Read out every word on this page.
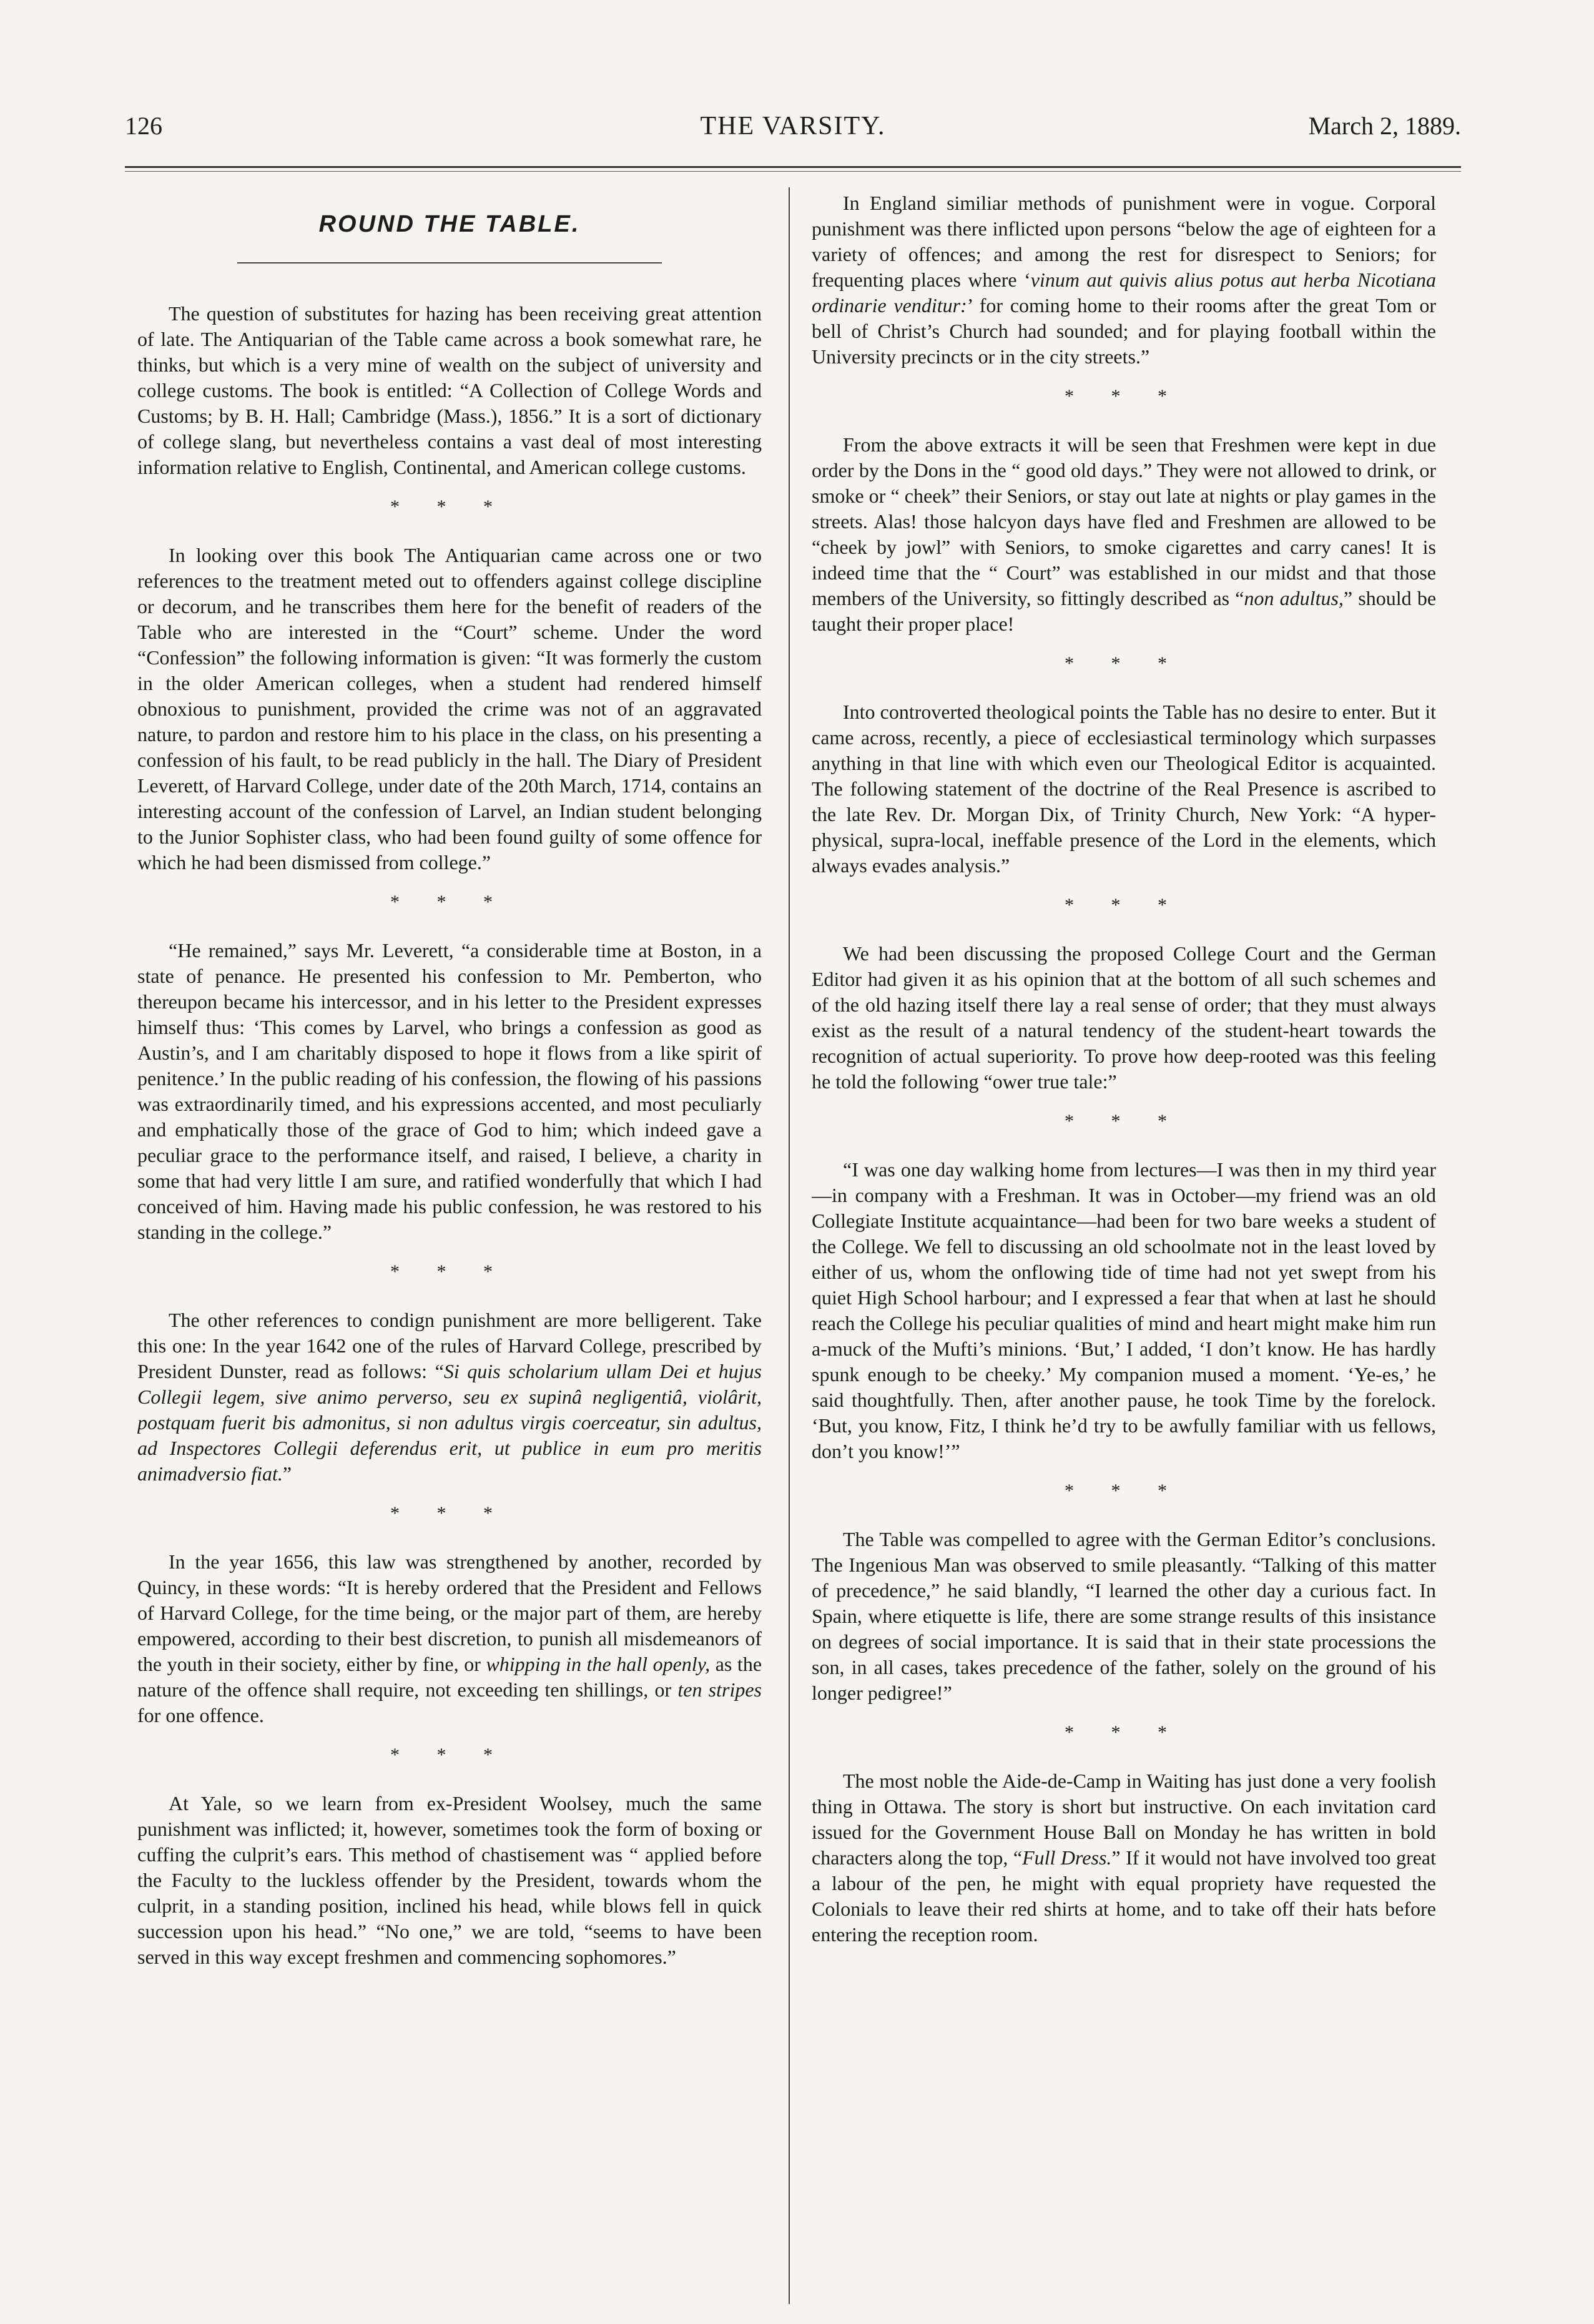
126	THE VARSITY.	March 2, 1889.
ROUND THE TABLE.

The question of substitutes for hazing has been receiving great attention of late. The Antiquarian of the Table came across a book somewhat rare, he thinks, but which is a very mine of wealth on the subject of university and college customs. The book is entitled: “A Collection of College Words and Customs; by B. H. Hall; Cambridge (Mass.), 1856.” It is a sort of dictionary of college slang, but nevertheless contains a vast deal of most interesting information relative to English, Continental, and American college customs.

* * *

In looking over this book The Antiquarian came across one or two references to the treatment meted out to offenders against college discipline or decorum, and he transcribes them here for the benefit of readers of the Table who are interested in the “Court” scheme. Under the word “Confession” the following information is given: “It was formerly the custom in the older American colleges, when a student had rendered himself obnoxious to punishment, provided the crime was not of an aggravated nature, to pardon and restore him to his place in the class, on his presenting a confession of his fault, to be read publicly in the hall. The Diary of President Leverett, of Harvard College, under date of the 20th March, 1714, contains an interesting account of the confession of Larvel, an Indian student belonging to the Junior Sophister class, who had been found guilty of some offence for which he had been dismissed from college.”

* * *

“He remained,” says Mr. Leverett, “a considerable time at Boston, in a state of penance. He presented his confession to Mr. Pemberton, who thereupon became his intercessor, and in his letter to the President expresses himself thus: ‘This comes by Larvel, who brings a confession as good as Austin’s, and I am charitably disposed to hope it flows from a like spirit of penitence.’ In the public reading of his confession, the flowing of his passions was extraordinarily timed, and his expressions accented, and most peculiarly and emphatically those of the grace of God to him; which indeed gave a peculiar grace to the performance itself, and raised, I believe, a charity in some that had very little I am sure, and ratified wonderfully that which I had conceived of him. Having made his public confession, he was restored to his standing in the college.”

* * *

The other references to condign punishment are more belligerent. Take this one: In the year 1642 one of the rules of Harvard College, prescribed by President Dunster, read as follows: “Si quis scholarium ullam Dei et hujus Collegii legem, sive animo perverso, seu ex supinâ negligentiâ, violârit, postquam fuerit bis admonitus, si non adultus virgis coerceatur, sin adultus, ad Inspectores Collegii deferendus erit, ut publice in eum pro meritis animadversio fiat.”

* * *

In the year 1656, this law was strengthened by another, recorded by Quincy, in these words: “It is hereby ordered that the President and Fellows of Harvard College, for the time being, or the major part of them, are hereby empowered, according to their best discretion, to punish all misdemeanors of the youth in their society, either by fine, or whipping in the hall openly, as the nature of the offence shall require, not exceeding ten shillings, or ten stripes for one offence.

* * *

At Yale, so we learn from ex-President Woolsey, much the same punishment was inflicted; it, however, sometimes took the form of boxing or cuffing the culprit’s ears. This method of chastisement was “ applied before the Faculty to the luckless offender by the President, towards whom the culprit, in a standing position, inclined his head, while blows fell in quick succession upon his head.” “No one,” we are told, “seems to have been served in this way except freshmen and commencing sophomores.”

In England similiar methods of punishment were in vogue. Corporal punishment was there inflicted upon persons “below the age of eighteen for a variety of offences; and among the rest for disrespect to Seniors; for frequenting places where ‘vinum aut quivis alius potus aut herba Nicotiana ordinarie venditur:’ for coming home to their rooms after the great Tom or bell of Christ’s Church had sounded; and for playing football within the University precincts or in the city streets.”

* * *

From the above extracts it will be seen that Freshmen were kept in due order by the Dons in the “ good old days.” They were not allowed to drink, or smoke or “ cheek” their Seniors, or stay out late at nights or play games in the streets. Alas! those halcyon days have fled and Freshmen are allowed to be “cheek by jowl” with Seniors, to smoke cigarettes and carry canes! It is indeed time that the “ Court” was established in our midst and that those members of the University, so fittingly described as “non adultus,” should be taught their proper place!

* * *

Into controverted theological points the Table has no desire to enter. But it came across, recently, a piece of ecclesiastical terminology which surpasses anything in that line with which even our Theological Editor is acquainted. The following statement of the doctrine of the Real Presence is ascribed to the late Rev. Dr. Morgan Dix, of Trinity Church, New York: “A hyper-physical, supra-local, ineffable presence of the Lord in the elements, which always evades analysis.”

* * *

We had been discussing the proposed College Court and the German Editor had given it as his opinion that at the bottom of all such schemes and of the old hazing itself there lay a real sense of order; that they must always exist as the result of a natural tendency of the student-heart towards the recognition of actual superiority. To prove how deep-rooted was this feeling he told the following “ower true tale:”

* * *

“I was one day walking home from lectures—I was then in my third year—in company with a Freshman. It was in October—my friend was an old Collegiate Institute acquaintance—had been for two bare weeks a student of the College. We fell to discussing an old schoolmate not in the least loved by either of us, whom the onflowing tide of time had not yet swept from his quiet High School harbour; and I expressed a fear that when at last he should reach the College his peculiar qualities of mind and heart might make him run a-muck of the Mufti’s minions. ‘But,’ I added, ‘I don’t know. He has hardly spunk enough to be cheeky.’ My companion mused a moment. ‘Ye-es,’ he said thoughtfully. Then, after another pause, he took Time by the forelock. ‘But, you know, Fitz, I think he’d try to be awfully familiar with us fellows, don’t you know!’”

* * *

The Table was compelled to agree with the German Editor’s conclusions. The Ingenious Man was observed to smile pleasantly. “Talking of this matter of precedence,” he said blandly, “I learned the other day a curious fact. In Spain, where etiquette is life, there are some strange results of this insistance on degrees of social importance. It is said that in their state processions the son, in all cases, takes precedence of the father, solely on the ground of his longer pedigree!”

* * *

The most noble the Aide-de-Camp in Waiting has just done a very foolish thing in Ottawa. The story is short but instructive. On each invitation card issued for the Government House Ball on Monday he has written in bold characters along the top, “Full Dress.” If it would not have involved too great a labour of the pen, he might with equal propriety have requested the Colonials to leave their red shirts at home, and to take off their hats before entering the reception room.
